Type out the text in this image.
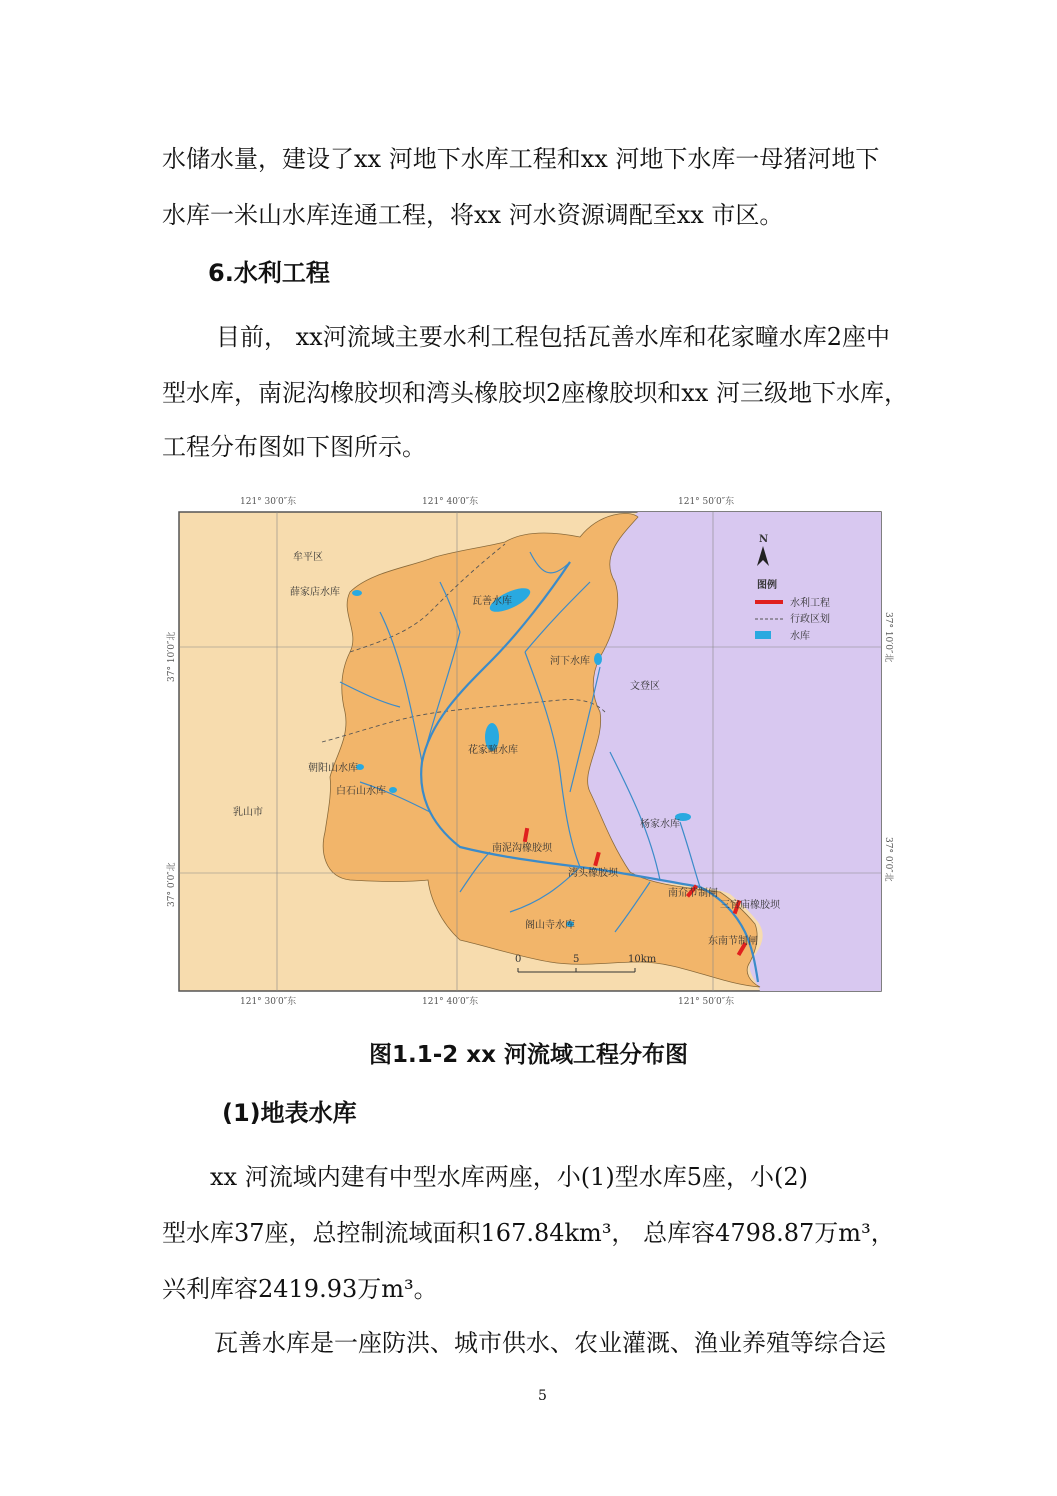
水储水量，建设了xx 河地下水库工程和xx 河地下水库一母猪河地下
水库一米山水库连通工程，将xx 河水资源调配至xx 市区。
6.水利工程
目前， xx河流域主要水利工程包括瓦善水库和花家疃水库2座中
型水库，南泥沟橡胶坝和湾头橡胶坝2座橡胶坝和xx 河三级地下水库，
工程分布图如下图所示。
121° 30′0″东	121° 40′0″东	121° 50′0″东
121° 30′0″东	121° 40′0″东	121° 50′0″东
37° 10′0″北
37° 0′0″北
37° 10′0″北
37° 0′0″北
牟平区
文登区
乳山市
瓦善水库
薛家店水库
河下水库
花家疃水库
朝阳山水库
白石山水库
杨家水库
阁山寺水库
南泥沟橡胶坝
湾头橡胶坝
南夼节制闸
三官庙橡胶坝
东南节制闸
N
图例
水利工程
行政区划
水库
0	5	10km
图1.1-2 xx 河流域工程分布图
(1)地表水库
xx 河流域内建有中型水库两座，小(1)型水库5座，小(2)
型水库37座，总控制流域面积167.84km³， 总库容4798.87万m³，
兴利库容2419.93万m³。
瓦善水库是一座防洪、城市供水、农业灌溉、渔业养殖等综合运
5
